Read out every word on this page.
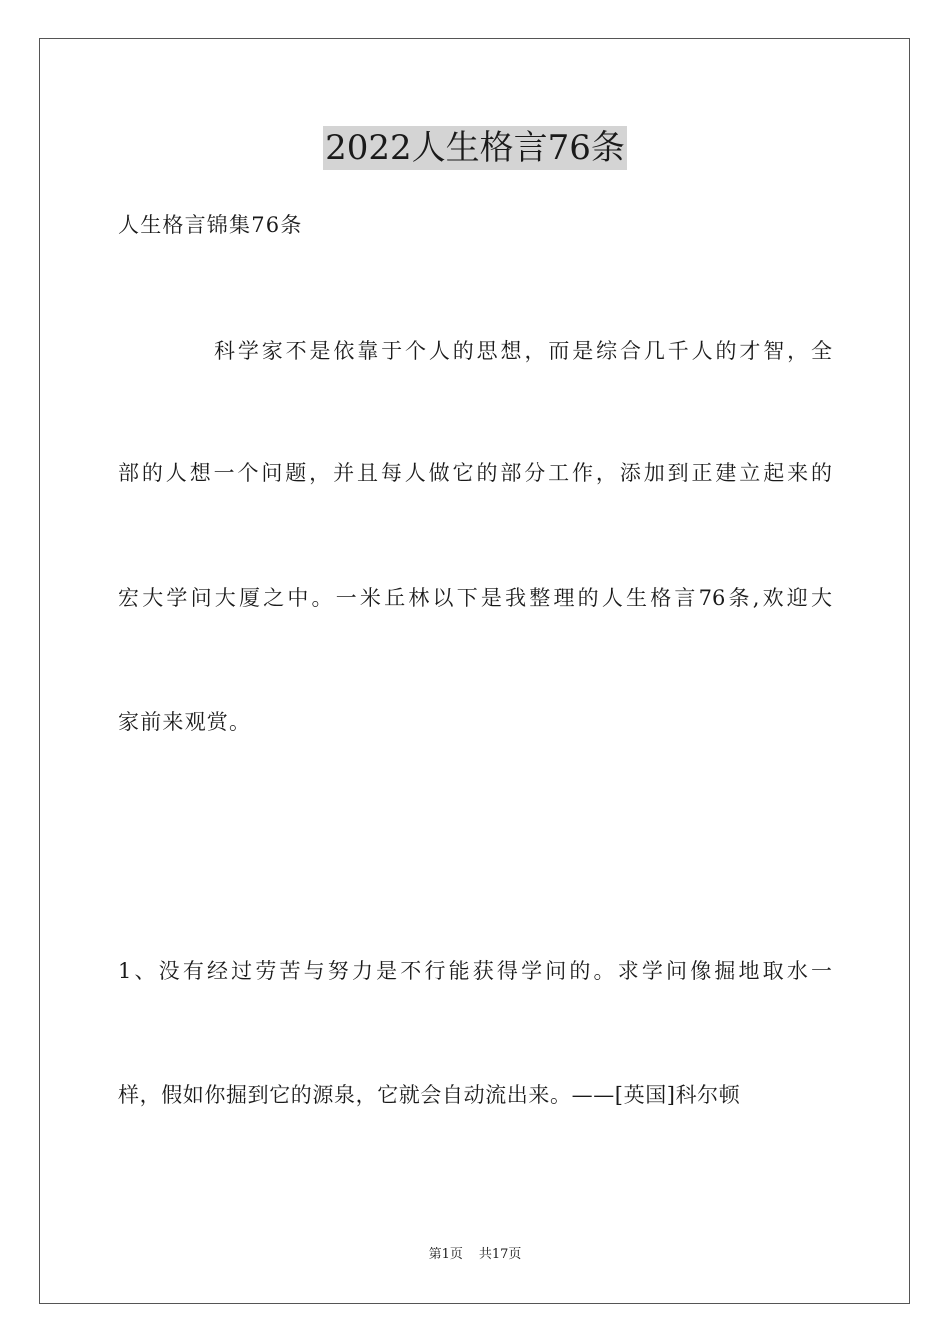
2022人生格言76条
人生格言锦集76条
科学家不是依靠于个人的思想，而是综合几千人的才智，全
部的人想一个问题，并且每人做它的部分工作，添加到正建立起来的
宏大学问大厦之中。一米丘林以下是我整理的人生格言76条,欢迎大
家前来观赏。
1、没有经过劳苦与努力是不行能获得学问的。求学问像掘地取水一
样，假如你掘到它的源泉，它就会自动流出来。——[英国]科尔顿
第1页 共17页
